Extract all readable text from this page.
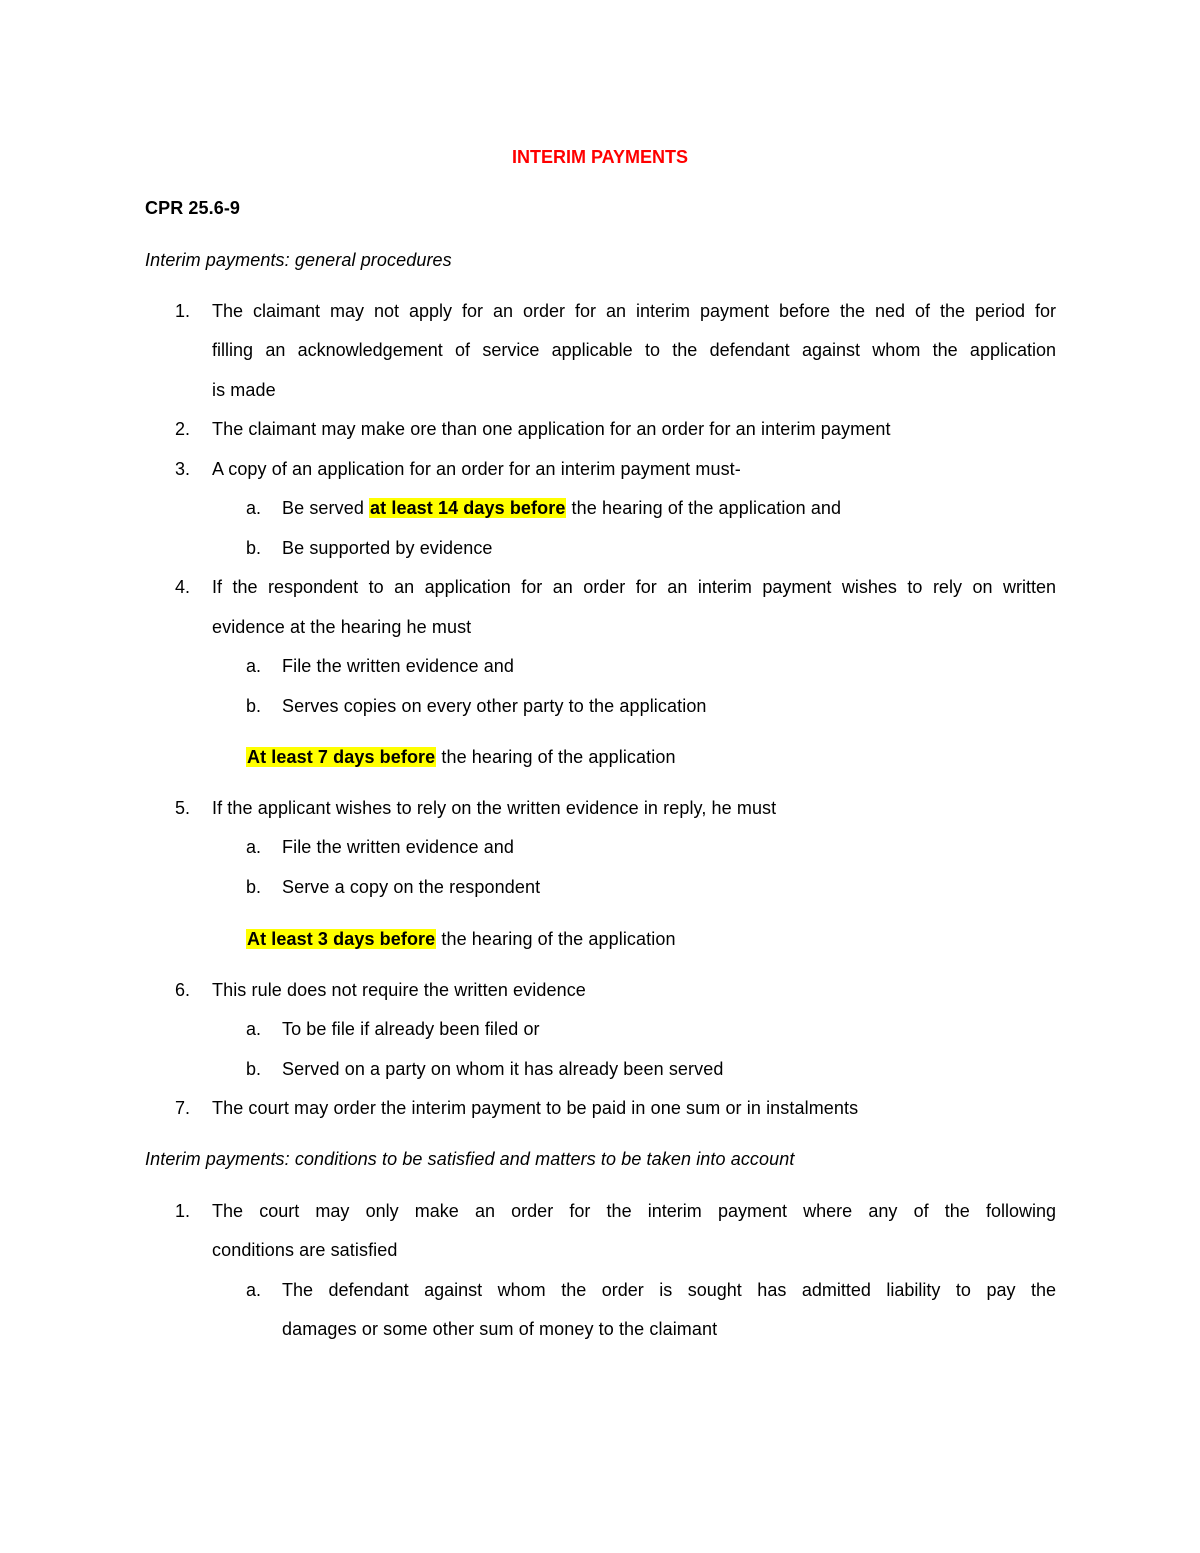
INTERIM PAYMENTS
CPR 25.6-9
Interim payments: general procedures
1. The claimant may not apply for an order for an interim payment before the ned of the period for
filling an acknowledgement of service applicable to the defendant against whom the application
is made
2. The claimant may make ore than one application for an order for an interim payment
3. A copy of an application for an order for an interim payment must-
a. Be served at least 14 days before the hearing of the application and
b. Be supported by evidence
4. If the respondent to an application for an order for an interim payment wishes to rely on written
evidence at the hearing he must
a. File the written evidence and
b. Serves copies on every other party to the application
At least 7 days before the hearing of the application
5. If the applicant wishes to rely on the written evidence in reply, he must
a. File the written evidence and
b. Serve a copy on the respondent
At least 3 days before the hearing of the application
6. This rule does not require the written evidence
a. To be file if already been filed or
b. Served on a party on whom it has already been served
7. The court may order the interim payment to be paid in one sum or in instalments
Interim payments: conditions to be satisfied and matters to be taken into account
1. The court may only make an order for the interim payment where any of the following
conditions are satisfied
a. The defendant against whom the order is sought has admitted liability to pay the
damages or some other sum of money to the claimant
